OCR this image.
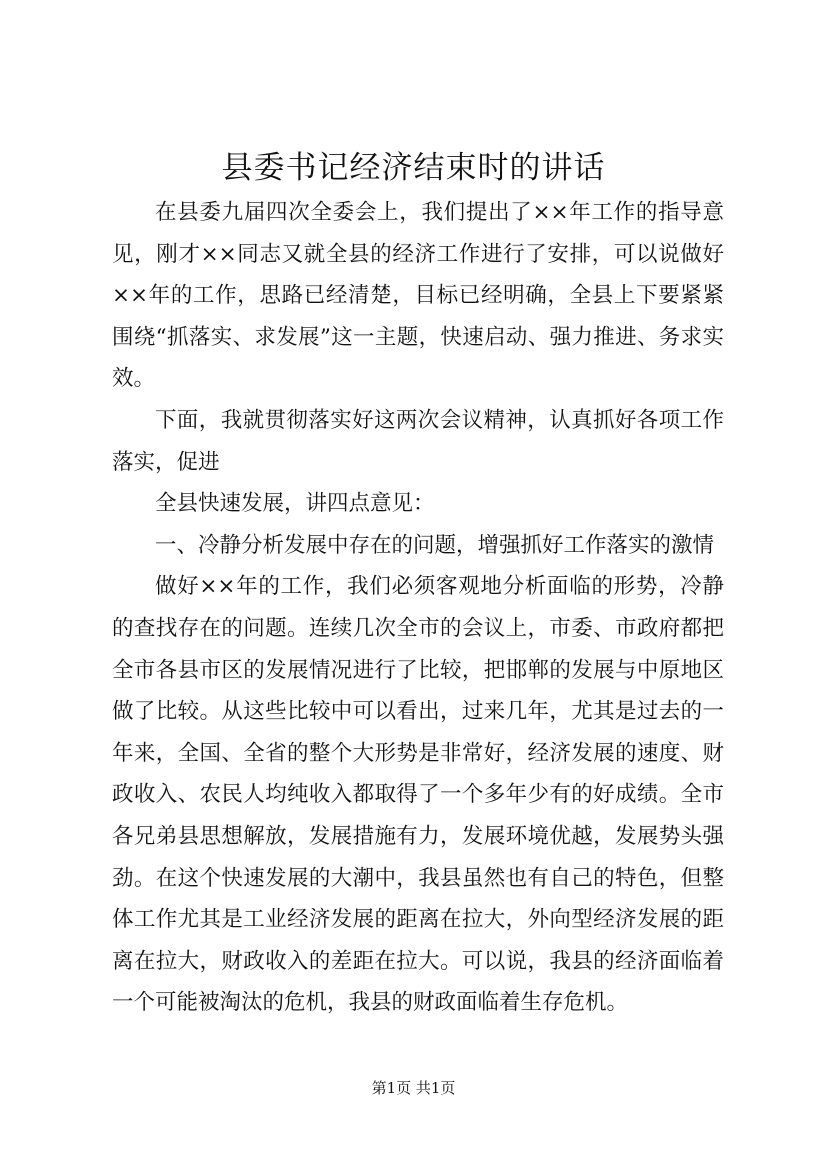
县委书记经济结束时的讲话

在县委九届四次全委会上，我们提出了××年工作的指导意见，刚才××同志又就全县的经济工作进行了安排，可以说做好××年的工作，思路已经清楚，目标已经明确，全县上下要紧紧围绕“抓落实、求发展”这一主题，快速启动、强力推进、务求实效。

下面，我就贯彻落实好这两次会议精神，认真抓好各项工作落实，促进

全县快速发展，讲四点意见：

一、冷静分析发展中存在的问题，增强抓好工作落实的激情

做好××年的工作，我们必须客观地分析面临的形势，冷静的查找存在的问题。连续几次全市的会议上，市委、市政府都把全市各县市区的发展情况进行了比较，把邯郸的发展与中原地区做了比较。从这些比较中可以看出，过来几年，尤其是过去的一年来，全国、全省的整个大形势是非常好，经济发展的速度、财政收入、农民人均纯收入都取得了一个多年少有的好成绩。全市各兄弟县思想解放，发展措施有力，发展环境优越，发展势头强劲。在这个快速发展的大潮中，我县虽然也有自己的特色，但整体工作尤其是工业经济发展的距离在拉大，外向型经济发展的距离在拉大，财政收入的差距在拉大。可以说，我县的经济面临着一个可能被淘汰的危机，我县的财政面临着生存危机。

第1页 共1页
